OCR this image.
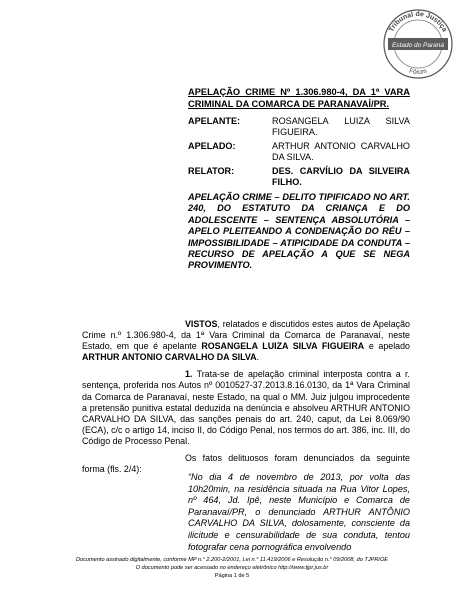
Tribunal de Justiça
Estado do Paraná
Fórum
APELAÇÃO CRIME Nº 1.306.980-4, DA 1ª VARA CRIMINAL DA COMARCA DE PARANAVAÍ/PR.
APELANTE:	ROSANGELA LUIZA SILVA FIGUEIRA.
APELADO:	ARTHUR ANTONIO CARVALHO DA SILVA.
RELATOR:	DES. CARVÍLIO DA SILVEIRA FILHO.
APELAÇÃO CRIME – DELITO TIPIFICADO NO ART. 240, DO ESTATUTO DA CRIANÇA E DO ADOLESCENTE – SENTENÇA ABSOLUTÓRIA – APELO PLEITEANDO A CONDENAÇÃO DO RÉU – IMPOSSIBILIDADE – ATIPICIDADE DA CONDUTA – RECURSO DE APELAÇÃO A QUE SE NEGA PROVIMENTO.

VISTOS, relatados e discutidos estes autos de Apelação Crime n.º 1.306.980-4, da 1ª Vara Criminal da Comarca de Paranavaí, neste Estado, em que é apelante ROSANGELA LUIZA SILVA FIGUEIRA e apelado ARTHUR ANTONIO CARVALHO DA SILVA.

1. Trata-se de apelação criminal interposta contra a r. sentença, proferida nos Autos nº 0010527-37.2013.8.16.0130, da 1ª Vara Criminal da Comarca de Paranavaí, neste Estado, na qual o MM. Juiz julgou improcedente a pretensão punitiva estatal deduzida na denúncia e absolveu ARTHUR ANTONIO CARVALHO DA SILVA, das sanções penais do art. 240, caput, da Lei 8.069/90 (ECA), c/c o artigo 14, inciso II, do Código Penal, nos termos do art. 386, inc. III, do Código de Processo Penal.

Os fatos delituosos foram denunciados da seguinte forma (fls. 2/4):

“No dia 4 de novembro de 2013, por volta das 10h20min, na residência situada na Rua Vitor Lopes, nº 464, Jd. Ipê, neste Município e Comarca de Paranavaí/PR, o denunciado ARTHUR ANTÔNIO CARVALHO DA SILVA, dolosamente, consciente da ilicitude e censurabilidade de sua conduta, tentou fotografar cena pornográfica envolvendo
Documento assinado digitalmente, conforme MP n.° 2.200-2/2001, Lei n.° 11.419/2006 e Resolução n.° 09/2008, do TJPR/OE
O documento pode ser acessado no endereço eletrônico http://www.tjpr.jus.br
Página 1 de 5
